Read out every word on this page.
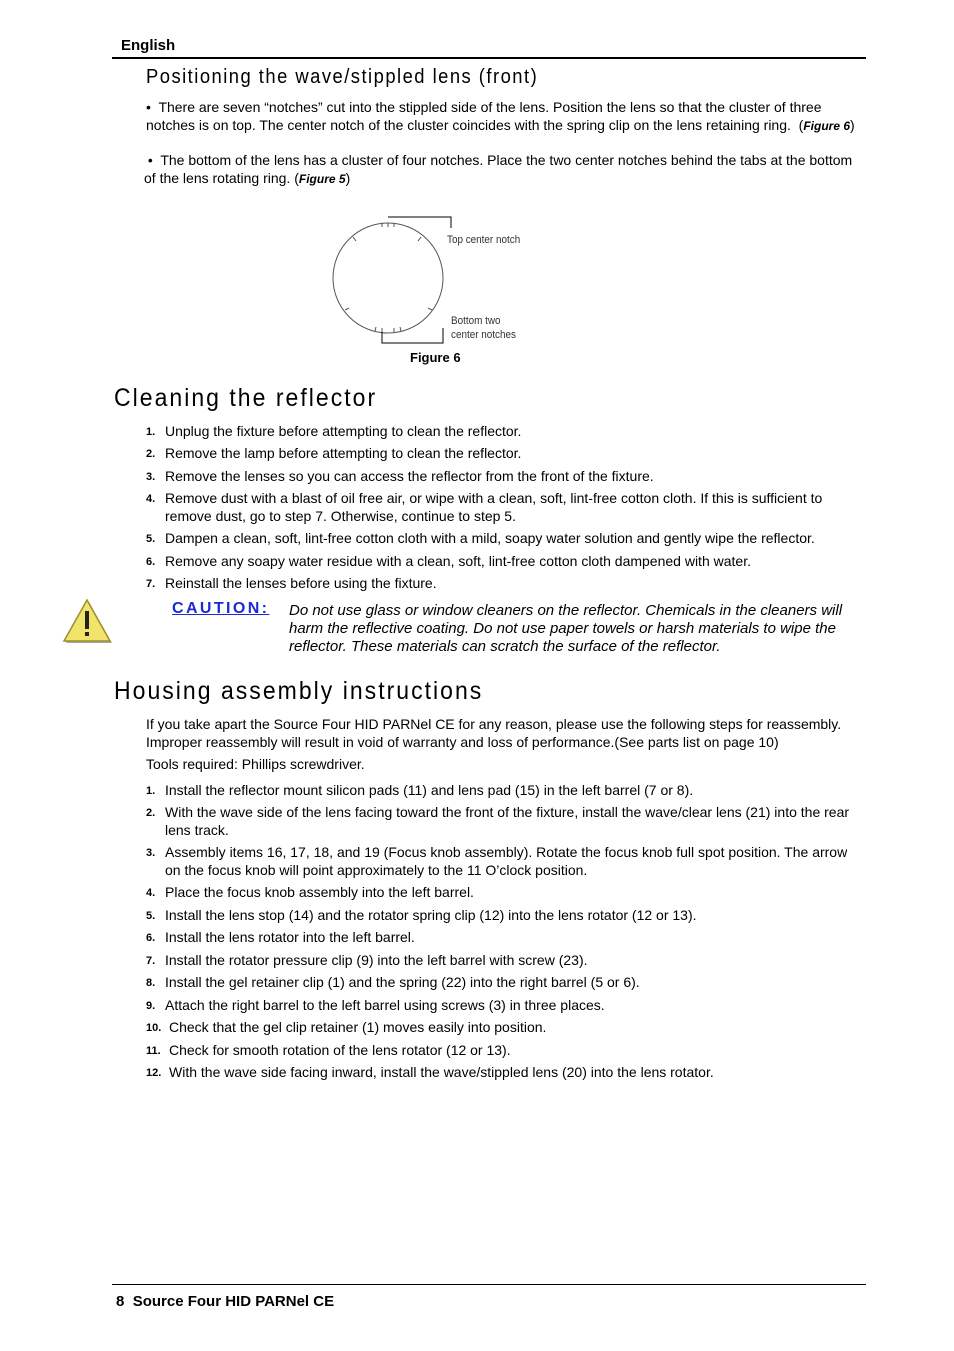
English
Positioning the wave/stippled lens (front)
•  There are seven “notches” cut into the stippled side of the lens. Position the lens so that the cluster of three notches is on top. The center notch of the cluster coincides with the spring clip on the lens retaining ring.  (Figure 6)
•  The bottom of the lens has a cluster of four notches. Place the two center notches behind the tabs at the bottom of the lens rotating ring. (Figure 5)
Top center notch
Bottom two
center notches
Figure 6
Cleaning the reflector
1. Unplug the fixture before attempting to clean the reflector.
2. Remove the lamp before attempting to clean the reflector.
3. Remove the lenses so you can access the reflector from the front of the fixture.
4. Remove dust with a blast of oil free air, or wipe with a clean, soft, lint-free cotton cloth. If this is sufficient to remove dust, go to step 7. Otherwise, continue to step 5.
5. Dampen a clean, soft, lint-free cotton cloth with a mild, soapy water solution and gently wipe the reflector.
6. Remove any soapy water residue with a clean, soft, lint-free cotton cloth dampened with water.
7. Reinstall the lenses before using the fixture.
CAUTION: Do not use glass or window cleaners on the reflector. Chemicals in the cleaners will harm the reflective coating. Do not use paper towels or harsh materials to wipe the reflector. These materials can scratch the surface of the reflector.
Housing assembly instructions
If you take apart the Source Four HID PARNel CE for any reason, please use the following steps for reassembly. Improper reassembly will result in void of warranty and loss of performance.(See parts list on page 10)
Tools required: Phillips screwdriver.
1. Install the reflector mount silicon pads (11) and lens pad (15) in the left barrel (7 or 8).
2. With the wave side of the lens facing toward the front of the fixture, install the wave/clear lens (21) into the rear lens track.
3. Assembly items 16, 17, 18, and 19 (Focus knob assembly). Rotate the focus knob full spot position. The arrow on the focus knob will point approximately to the 11 O’clock position.
4. Place the focus knob assembly into the left barrel.
5. Install the lens stop (14) and the rotator spring clip (12) into the lens rotator (12 or 13).
6. Install the lens rotator into the left barrel.
7. Install the rotator pressure clip (9) into the left barrel with screw (23).
8. Install the gel retainer clip (1) and the spring (22) into the right barrel (5 or 6).
9. Attach the right barrel to the left barrel using screws (3) in three places.
10. Check that the gel clip retainer (1) moves easily into position.
11. Check for smooth rotation of the lens rotator (12 or 13).
12. With the wave side facing inward, install the wave/stippled lens (20) into the lens rotator.
8 Source Four HID PARNel CE
